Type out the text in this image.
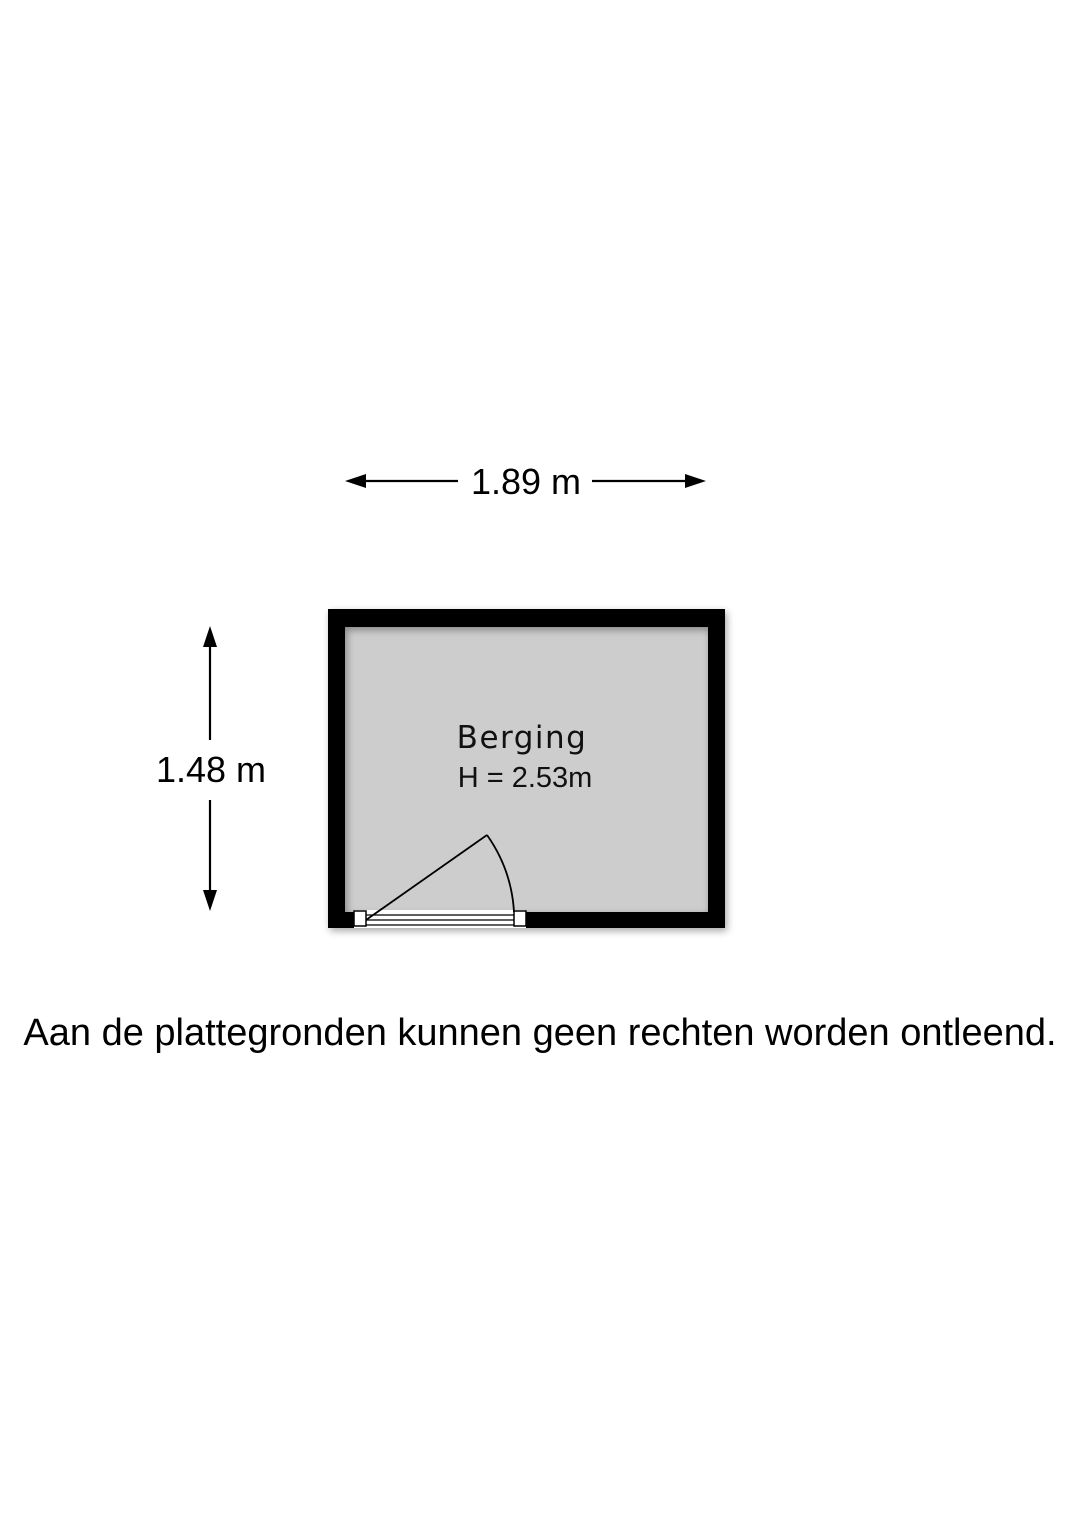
1.89 m
1.48 m
Berging
H = 2.53m
Aan de plattegronden kunnen geen rechten worden ontleend.
